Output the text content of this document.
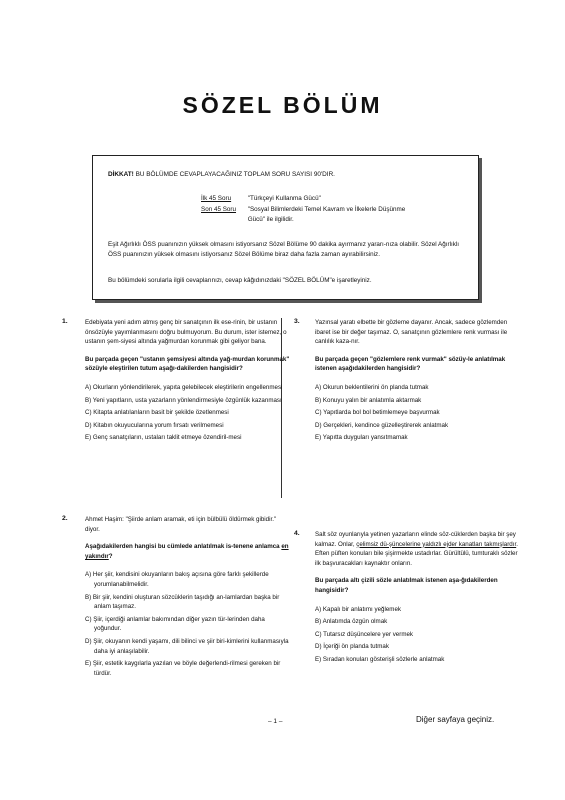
SÖZEL BÖLÜM
DİKKAT! BU BÖLÜMDE CEVAPLAYACAĞINIZ TOPLAM SORU SAYISI 90'DIR.
İlk 45 Soru	"Türkçeyi Kullanma Gücü"
Son 45 Soru "Sosyal Bilimlerdeki Temel Kavram ve İlkelerle Düşünme Gücü" ile ilgilidir.
Eşit Ağırlıklı ÖSS puanınızın yüksek olmasını istiyorsanız Sözel Bölüme 90 dakika ayırmanız yararı-nıza olabilir. Sözel Ağırlıklı ÖSS puanınızın yüksek olmasını istiyorsanız Sözel Bölüme biraz daha fazla zaman ayırabilirsiniz.
Bu bölümdeki sorularla ilgili cevaplarınızı, cevap kâğıdınızdaki "SÖZEL BÖLÜM"e işaretleyiniz.
1.	Edebiyata yeni adım atmış genç bir sanatçının ilk ese-rinin, bir ustanın önsözüyle yayımlanmasını doğru bulmuyorum. Bu durum, ister istemez, o ustanın şem-siyesi altında yağmurdan korunmak gibi geliyor bana.

Bu parçada geçen "ustanın şemsiyesi altında yağ-murdan korunmak" sözüyle eleştirilen tutum aşağı-dakilerden hangisidir?
A) Okurların yönlendirilerek, yapıta gelebilecek eleştirilerin engellenmesi
B) Yeni yapıtların, usta yazarların yönlendirmesiyle özgünlük kazanması
C) Kitapta anlatılanların basit bir şekilde özetlenmesi
D) Kitabın okuyucularına yorum fırsatı verilmemesi
E) Genç sanatçıların, ustaları taklit etmeye özendiril-mesi
3. Yazınsal yaratı elbette bir gözleme dayanır. Ancak, sadece gözlemden ibaret ise bir değer taşımaz. O, sanatçının gözlemlere renk vurması ile canlılık kaza-nır.

Bu parçada geçen "gözlemlere renk vurmak" sözüy-le anlatılmak istenen aşağıdakilerden hangisidir?
A) Okurun beklentilerini ön planda tutmak
B) Konuyu yalın bir anlatımla aktarmak
C) Yapıtlarda bol bol betimlemeye başvurmak
D) Gerçekleri, kendince güzelleştirerek anlatmak
E) Yapıtta duyguları yansıtmamak
2.	Ahmet Haşim: "Şiirde anlam aramak, eti için bülbülü öldürmek gibidir." diyor.

Aşağıdakilerden hangisi bu cümlede anlatılmak is-tenene anlamca en yakındır?
A) Her şiir, kendisini okuyanların bakış açısına göre farklı şekillerde yorumlanabilmelidir.
B) Bir şiir, kendini oluşturan sözcüklerin taşıdığı an-lamlardan başka bir anlam taşımaz.
C) Şiir, içerdiği anlamlar bakımından diğer yazın tür-lerinden daha yoğundur.
D) Şiir, okuyanın kendi yaşamı, dili bilinci ve şiir biri-kimlerini kullanmasıyla daha iyi anlaşılabilir.
E) Şiir, estetik kaygılarla yazılan ve böyle değerlendi-rilmesi gereken bir türdür.
4. Salt söz oyunlarıyla yetinen yazarların elinde söz-cüklerden başka bir şey kalmaz. Onlar, çelimsiz dü-şüncelerine yaldızlı ejder kanatları takmışlardır. Eften püften konuları bile şişirmekte ustadırlar. Gürültülü, tumturaklı sözler ilk başvuracakları kaynaktır onların.

Bu parçada altı çizili sözle anlatılmak istenen aşa-ğıdakilerden hangisidir?
A) Kapalı bir anlatımı yeğlemek
B) Anlatımda özgün olmak
C) Tutarsız düşüncelere yer vermek
D) İçeriği ön planda tutmak
E) Sıradan konuları gösterişli sözlerle anlatmak
– 1 –	Diğer sayfaya geçiniz.
